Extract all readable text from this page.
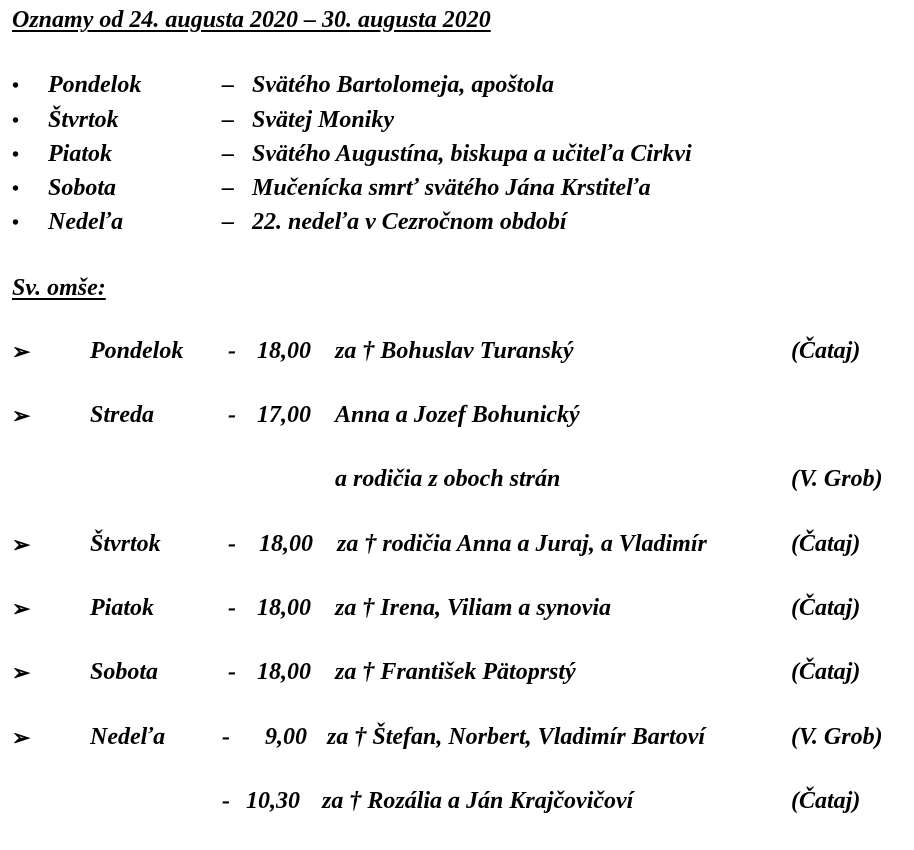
Oznamy od 24. augusta 2020 – 30. augusta 2020
• Pondelok	– Svätého Bartolomeja, apoštola
• Štvrtok	– Svätej Moniky
• Piatok	– Svätého Augustína, biskupa a učiteľa Cirkvi
• Sobota	– Mučenícka smrť svätého Jána Krstiteľa
• Nedeľa	– 22. nedeľa v Cezročnom období
Sv. omše:
➢ Pondelok - 18,00 za † Bohuslav Turanský	(Čataj)
➢ Streda	- 17,00 Anna a Jozef Bohunický
a rodičia z oboch strán	(V. Grob)
➢ Štvrtok	- 18,00 za † rodičia Anna a Juraj, a Vladimír	(Čataj)
➢ Piatok	- 18,00 za † Irena, Viliam a synovia	(Čataj)
➢ Sobota	- 18,00 za † František Pätoprstý	(Čataj)
➢ Nedeľa - 9,00 za † Štefan, Norbert, Vladimír Bartoví	(V. Grob)
- 10,30 za † Rozália a Ján Krajčovičoví	(Čataj)
